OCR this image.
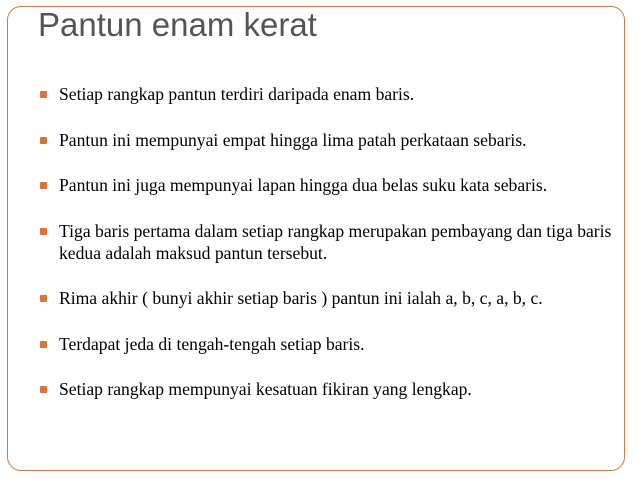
Pantun enam kerat
Setiap rangkap pantun terdiri daripada enam baris.
Pantun ini mempunyai empat hingga lima patah perkataan sebaris.
Pantun ini juga mempunyai lapan hingga dua belas suku kata sebaris.
Tiga baris pertama dalam setiap rangkap merupakan pembayang dan tiga baris kedua adalah maksud pantun tersebut.
Rima akhir ( bunyi akhir setiap baris ) pantun ini ialah a, b, c, a, b, c.
Terdapat jeda di tengah-tengah setiap baris.
Setiap rangkap mempunyai kesatuan fikiran yang lengkap.
